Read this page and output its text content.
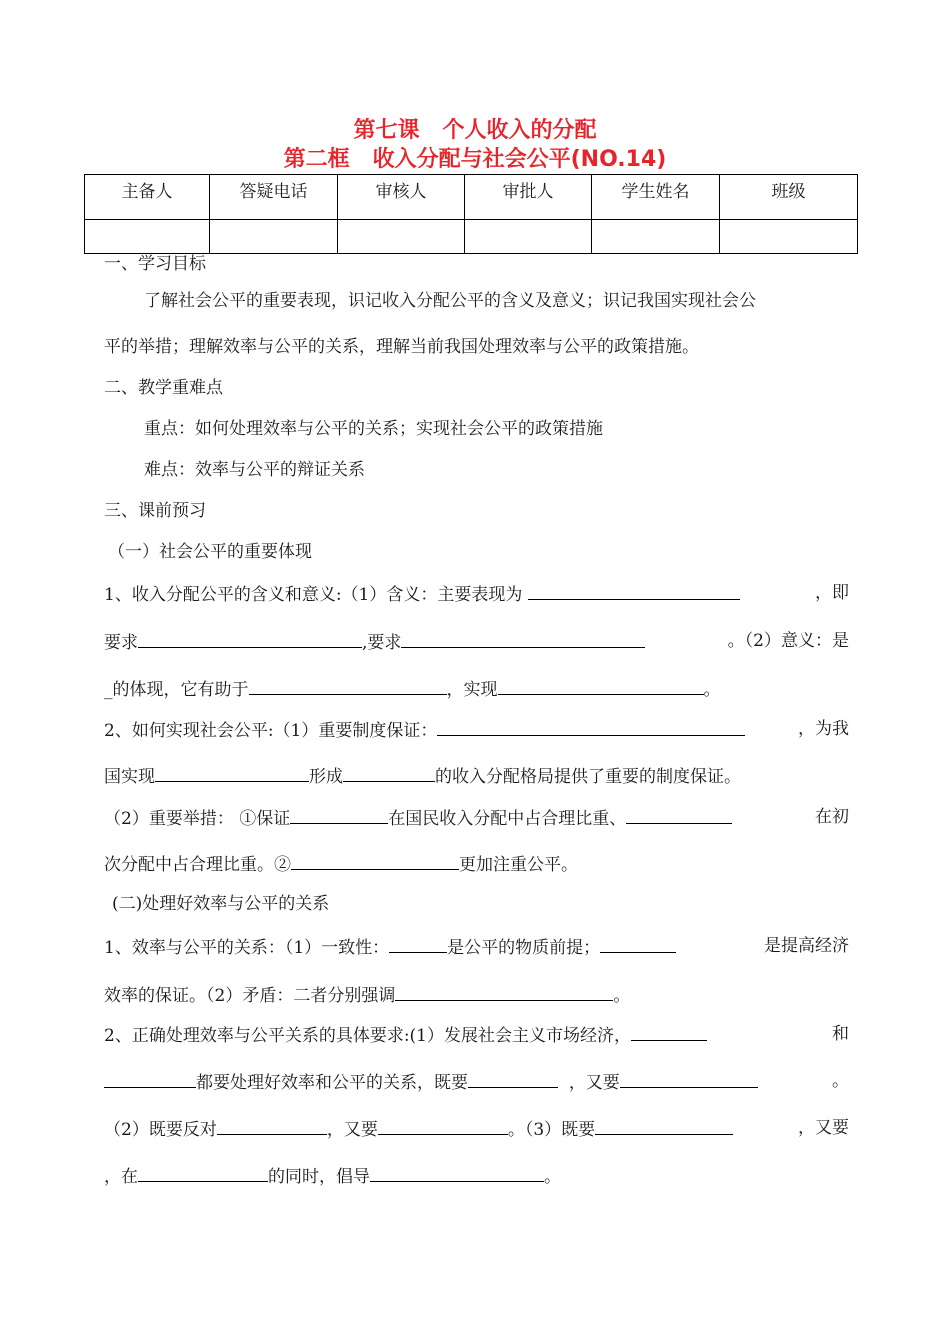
第七课   个人收入的分配
第二框   收入分配与社会公平(NO.14)
主备人	答疑电话	审核人	审批人	学生姓名	班级

一、学习目标
了解社会公平的重要表现，识记收入分配公平的含义及意义；识记我国实现社会公
平的举措；理解效率与公平的关系，理解当前我国处理效率与公平的政策措施。
二、教学重难点
重点：如何处理效率与公平的关系；实现社会公平的政策措施
难点：效率与公平的辩证关系
三、课前预习
（一）社会公平的重要体现
1、收入分配公平的含义和意义:（1）含义：主要表现为	，即
要求	,要求	。（2）意义：是
_的体现，它有助于	，实现	。
2、如何实现社会公平:（1）重要制度保证：	，为我
国实现	形成	的收入分配格局提供了重要的制度保证。
（2）重要举措： ①保证	在国民收入分配中占合理比重、	在初
次分配中占合理比重。②	更加注重公平。
(二)处理好效率与公平的关系
1、效率与公平的关系：（1）一致性：	是公平的物质前提；	是提高经济
效率的保证。（2）矛盾：二者分别强调	。
2、正确处理效率与公平关系的具体要求:(1）发展社会主义市场经济，	和
都要处理好效率和公平的关系，既要	，又要	。
（2）既要反对	，又要	。（3）既要	，又要
，在	的同时，倡导	。
